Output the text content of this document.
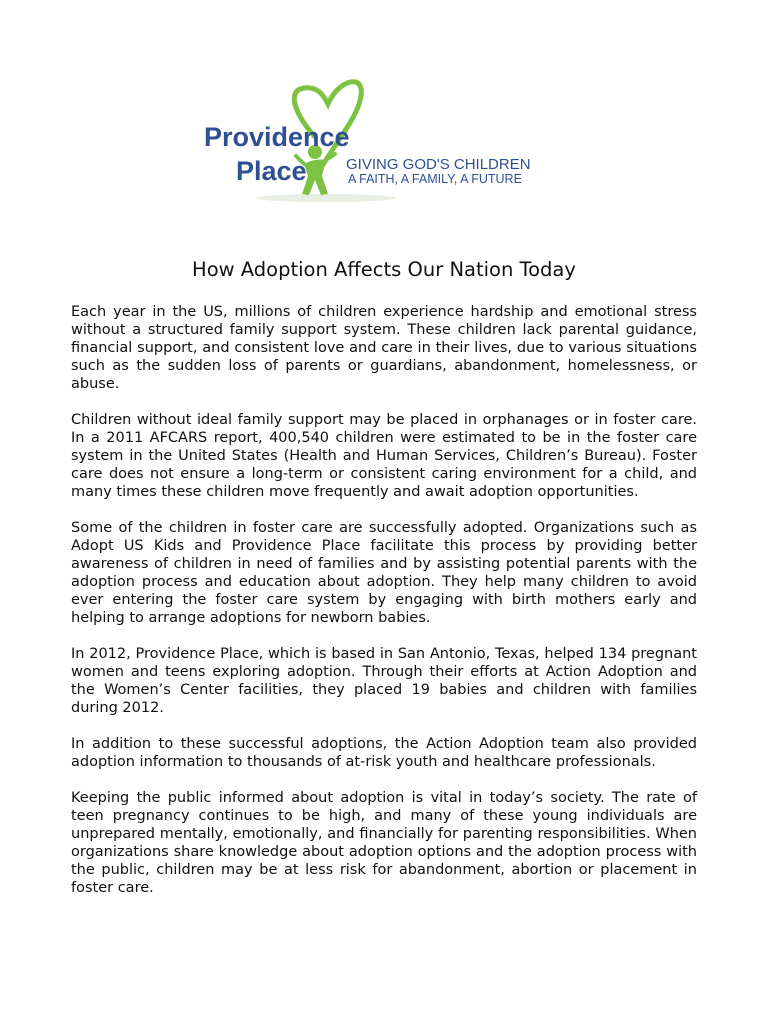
Providence
Place	GIVING GOD'S CHILDREN
A FAITH, A FAMILY, A FUTURE
How Adoption Affects Our Nation Today

Each year in the US, millions of children experience hardship and emotional stress without a structured family support system. These children lack parental guidance, financial support, and consistent love and care in their lives, due to various situations such as the sudden loss of parents or guardians, abandonment, homelessness, or abuse.

Children without ideal family support may be placed in orphanages or in foster care. In a 2011 AFCARS report, 400,540 children were estimated to be in the foster care system in the United States (Health and Human Services, Children’s Bureau). Foster care does not ensure a long-term or consistent caring environment for a child, and many times these children move frequently and await adoption opportunities.

Some of the children in foster care are successfully adopted. Organizations such as Adopt US Kids and Providence Place facilitate this process by providing better awareness of children in need of families and by assisting potential parents with the adoption process and education about adoption. They help many children to avoid ever entering the foster care system by engaging with birth mothers early and helping to arrange adoptions for newborn babies.

In 2012, Providence Place, which is based in San Antonio, Texas, helped 134 pregnant women and teens exploring adoption. Through their efforts at Action Adoption and the Women’s Center facilities, they placed 19 babies and children with families during 2012.

In addition to these successful adoptions, the Action Adoption team also provided adoption information to thousands of at-risk youth and healthcare professionals.

Keeping the public informed about adoption is vital in today’s society. The rate of teen pregnancy continues to be high, and many of these young individuals are unprepared mentally, emotionally, and financially for parenting responsibilities. When organizations share knowledge about adoption options and the adoption process with the public, children may be at less risk for abandonment, abortion or placement in foster care.
